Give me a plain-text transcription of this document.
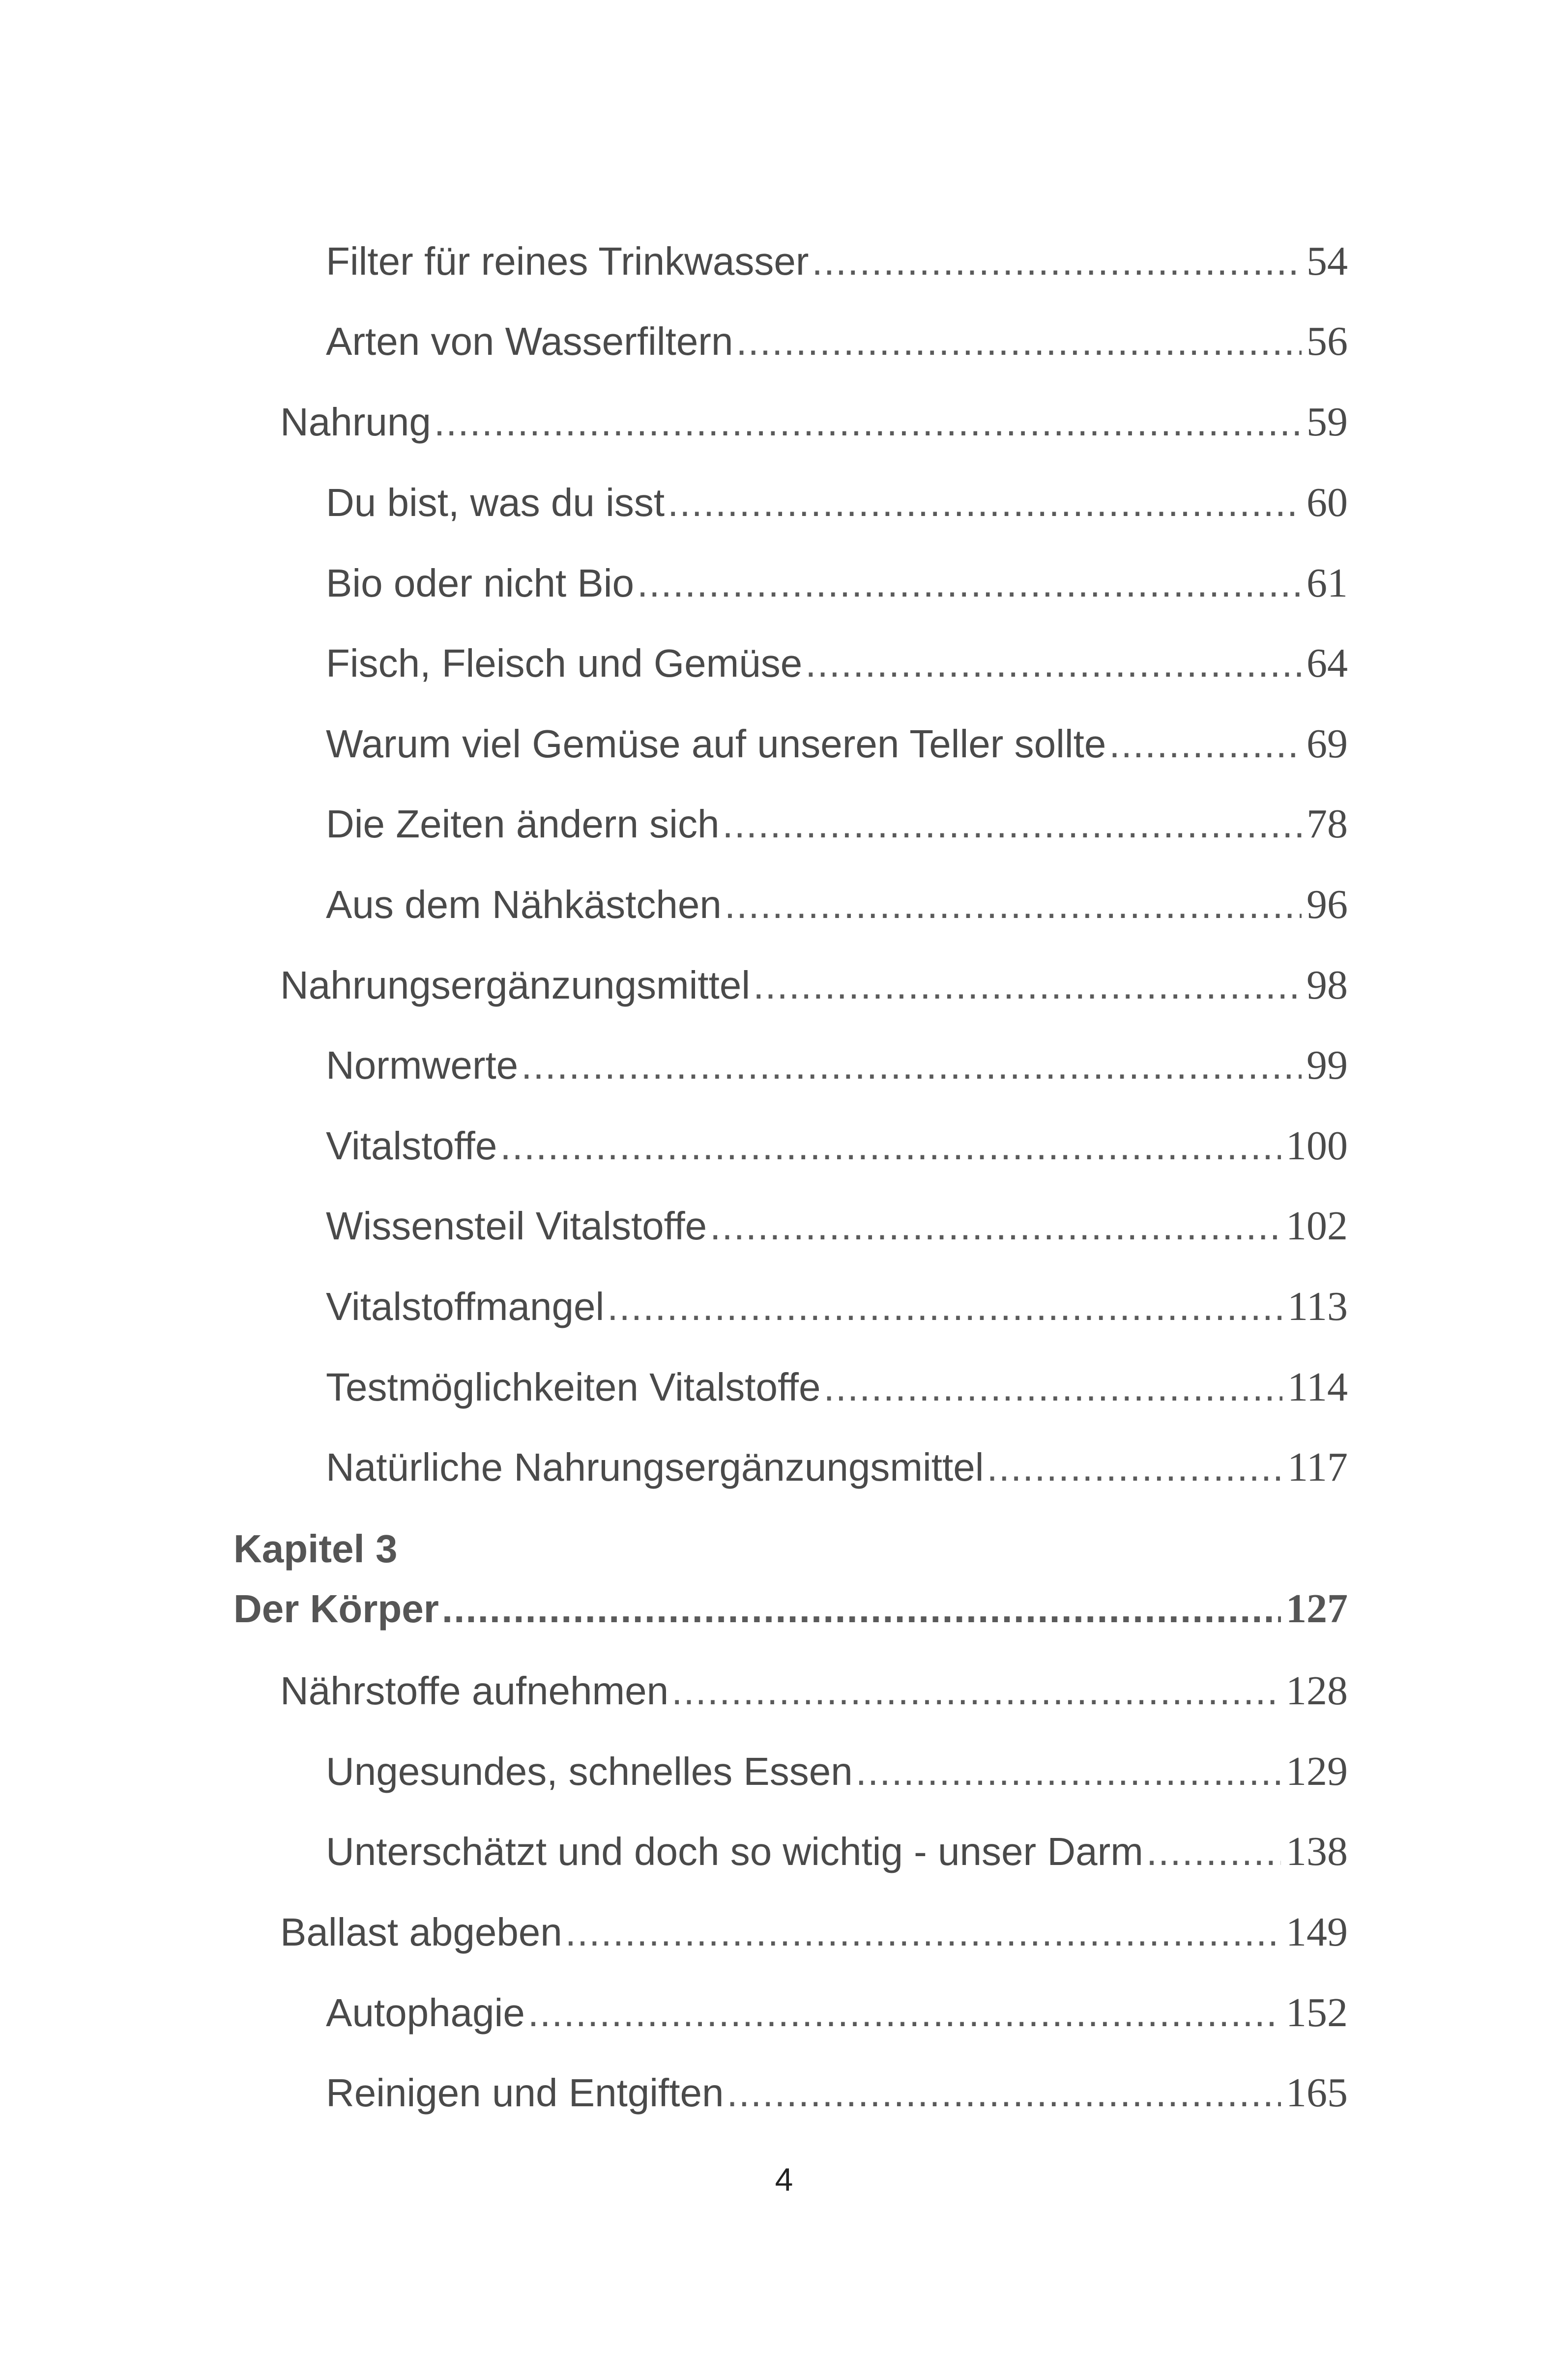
Filter für reines Trinkwasser .....	54
Arten von Wasserfiltern .....	56
Nahrung .....	59
Du bist, was du isst .....	60
Bio oder nicht Bio .....	61
Fisch, Fleisch und Gemüse .....	64
Warum viel Gemüse auf unseren Teller sollte .....	69
Die Zeiten ändern sich .....	78
Aus dem Nähkästchen .....	96
Nahrungsergänzungsmittel .....	98
Normwerte .....	99
Vitalstoffe .....	100
Wissensteil Vitalstoffe .....	102
Vitalstoffmangel .....	113
Testmöglichkeiten Vitalstoffe .....	114
Natürliche Nahrungsergänzungsmittel .....	117
Kapitel 3
Der Körper .....	127
Nährstoffe aufnehmen .....	128
Ungesundes, schnelles Essen .....	129
Unterschätzt und doch so wichtig - unser Darm .....	138
Ballast abgeben .....	149
Autophagie .....	152
Reinigen und Entgiften .....	165
4
